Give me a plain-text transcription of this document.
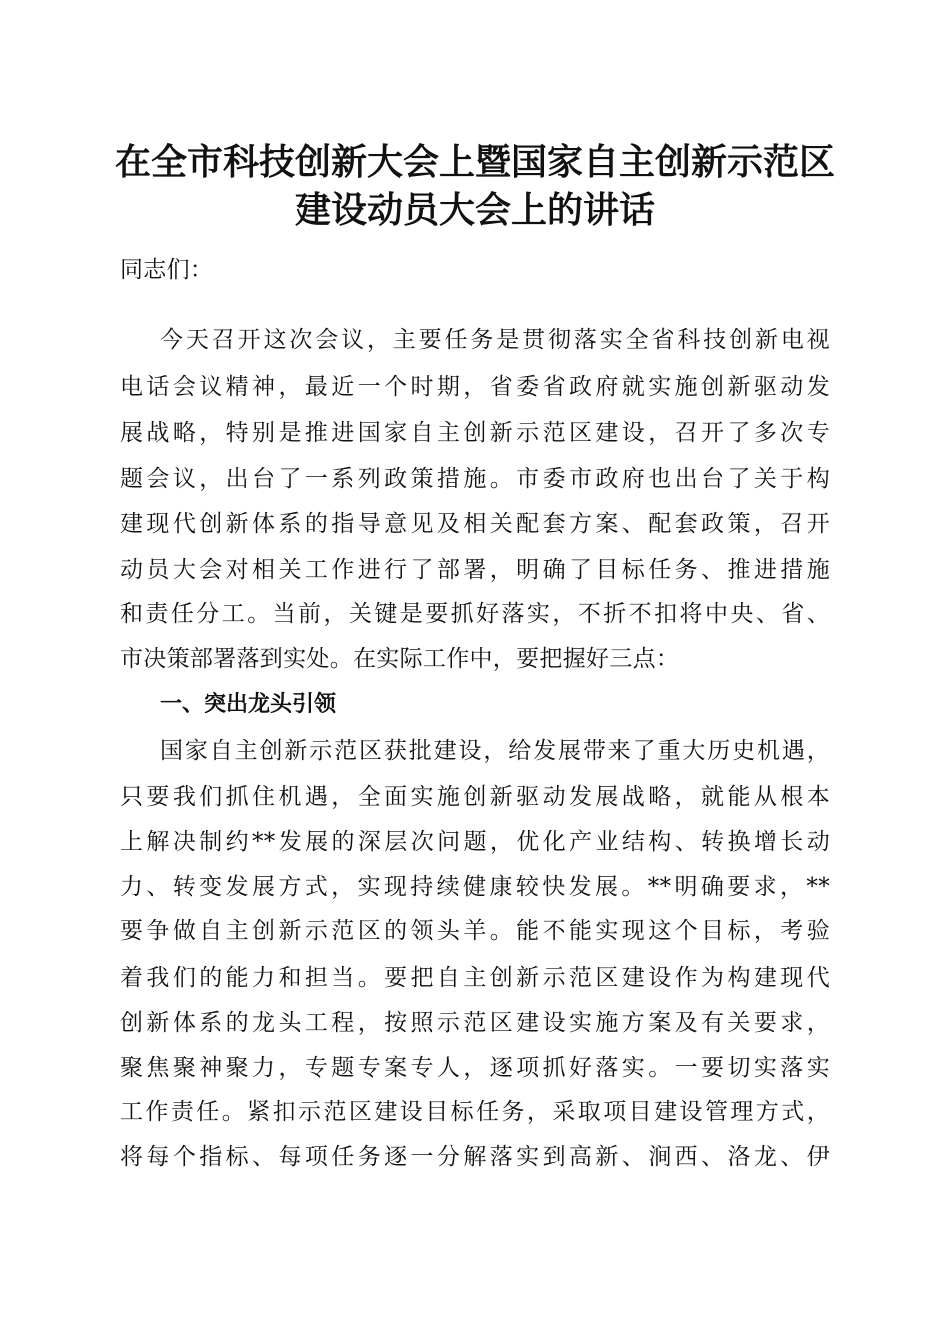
在全市科技创新大会上暨国家自主创新示范区
建设动员大会上的讲话
同志们：
今天召开这次会议，主要任务是贯彻落实全省科技创新电视
电话会议精神，最近一个时期，省委省政府就实施创新驱动发
展战略，特别是推进国家自主创新示范区建设，召开了多次专
题会议，出台了一系列政策措施。市委市政府也出台了关于构
建现代创新体系的指导意见及相关配套方案、配套政策，召开
动员大会对相关工作进行了部署，明确了目标任务、推进措施
和责任分工。当前，关键是要抓好落实，不折不扣将中央、省、
市决策部署落到实处。在实际工作中，要把握好三点：
一、突出龙头引领
国家自主创新示范区获批建设，给发展带来了重大历史机遇，
只要我们抓住机遇，全面实施创新驱动发展战略，就能从根本
上解决制约**发展的深层次问题，优化产业结构、转换增长动
力、转变发展方式，实现持续健康较快发展。**明确要求，**
要争做自主创新示范区的领头羊。能不能实现这个目标，考验
着我们的能力和担当。要把自主创新示范区建设作为构建现代
创新体系的龙头工程，按照示范区建设实施方案及有关要求，
聚焦聚神聚力，专题专案专人，逐项抓好落实。一要切实落实
工作责任。紧扣示范区建设目标任务，采取项目建设管理方式，
将每个指标、每项任务逐一分解落实到高新、涧西、洛龙、伊
